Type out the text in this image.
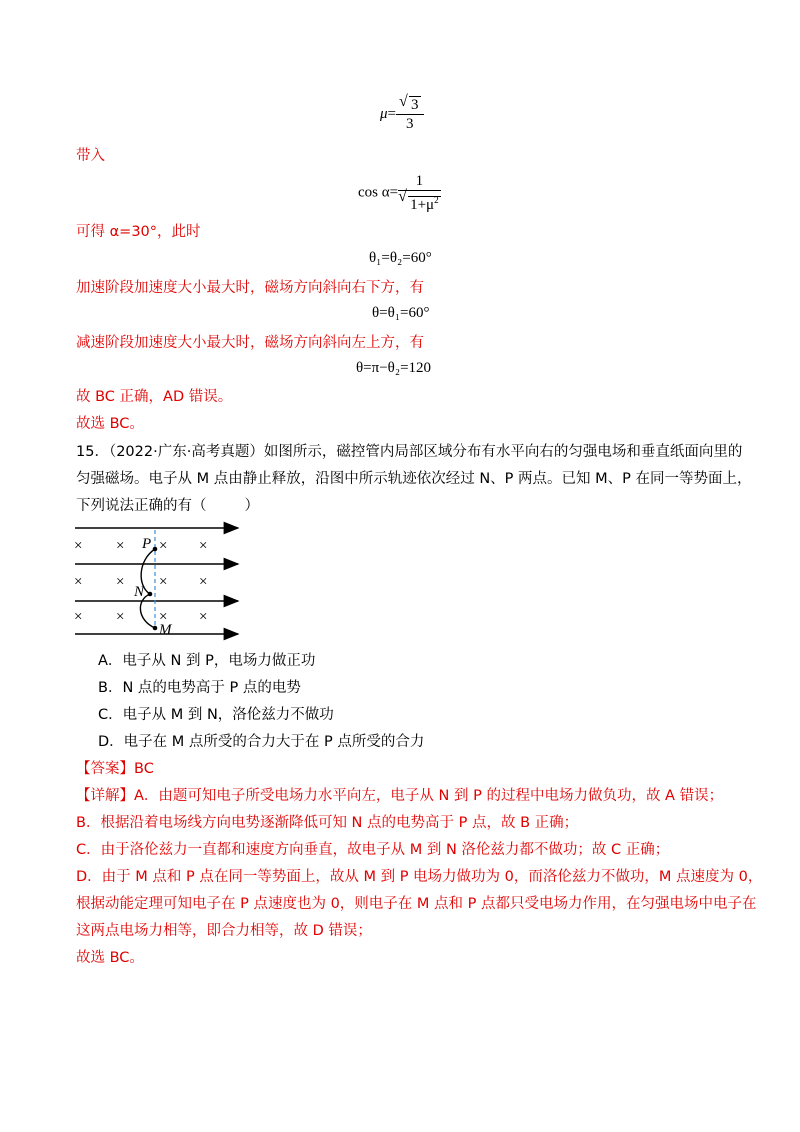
μ=
√ $\frac{3}{3}$
带入
cos α= 1
√ $1+\mu^2$
可得 α=30°，此时
θ₁=θ₂=60°
加速阶段加速度大小最大时，磁场方向斜向右下方，有
θ=θ₁=60°
减速阶段加速度大小最大时，磁场方向斜向左上方，有
θ=π−θ₂=120
故 BC 正确，AD 错误。
故选 BC。
15．（2022·广东·高考真题）如图所示，磁控管内局部区域分布有水平向右的匀强电场和垂直纸面向里的
匀强磁场。电子从 M 点由静止释放，沿图中所示轨迹依次经过 N、P 两点。已知 M、P 在同一等势面上，
下列说法正确的有（	）
P
N
M
× × × ×
× × × ×
× × × ×
A．电子从 N 到 P，电场力做正功
B．N 点的电势高于 P 点的电势
C．电子从 M 到 N，洛伦兹力不做功
D．电子在 M 点所受的合力大于在 P 点所受的合力
【答案】BC
【详解】A．由题可知电子所受电场力水平向左，电子从 N 到 P 的过程中电场力做负功，故 A 错误；
B．根据沿着电场线方向电势逐渐降低可知 N 点的电势高于 P 点，故 B 正确；
C．由于洛伦兹力一直都和速度方向垂直，故电子从 M 到 N 洛伦兹力都不做功；故 C 正确；
D．由于 M 点和 P 点在同一等势面上，故从 M 到 P 电场力做功为 0，而洛伦兹力不做功，M 点速度为 0，
根据动能定理可知电子在 P 点速度也为 0，则电子在 M 点和 P 点都只受电场力作用，在匀强电场中电子在
这两点电场力相等，即合力相等，故 D 错误；
故选 BC。
